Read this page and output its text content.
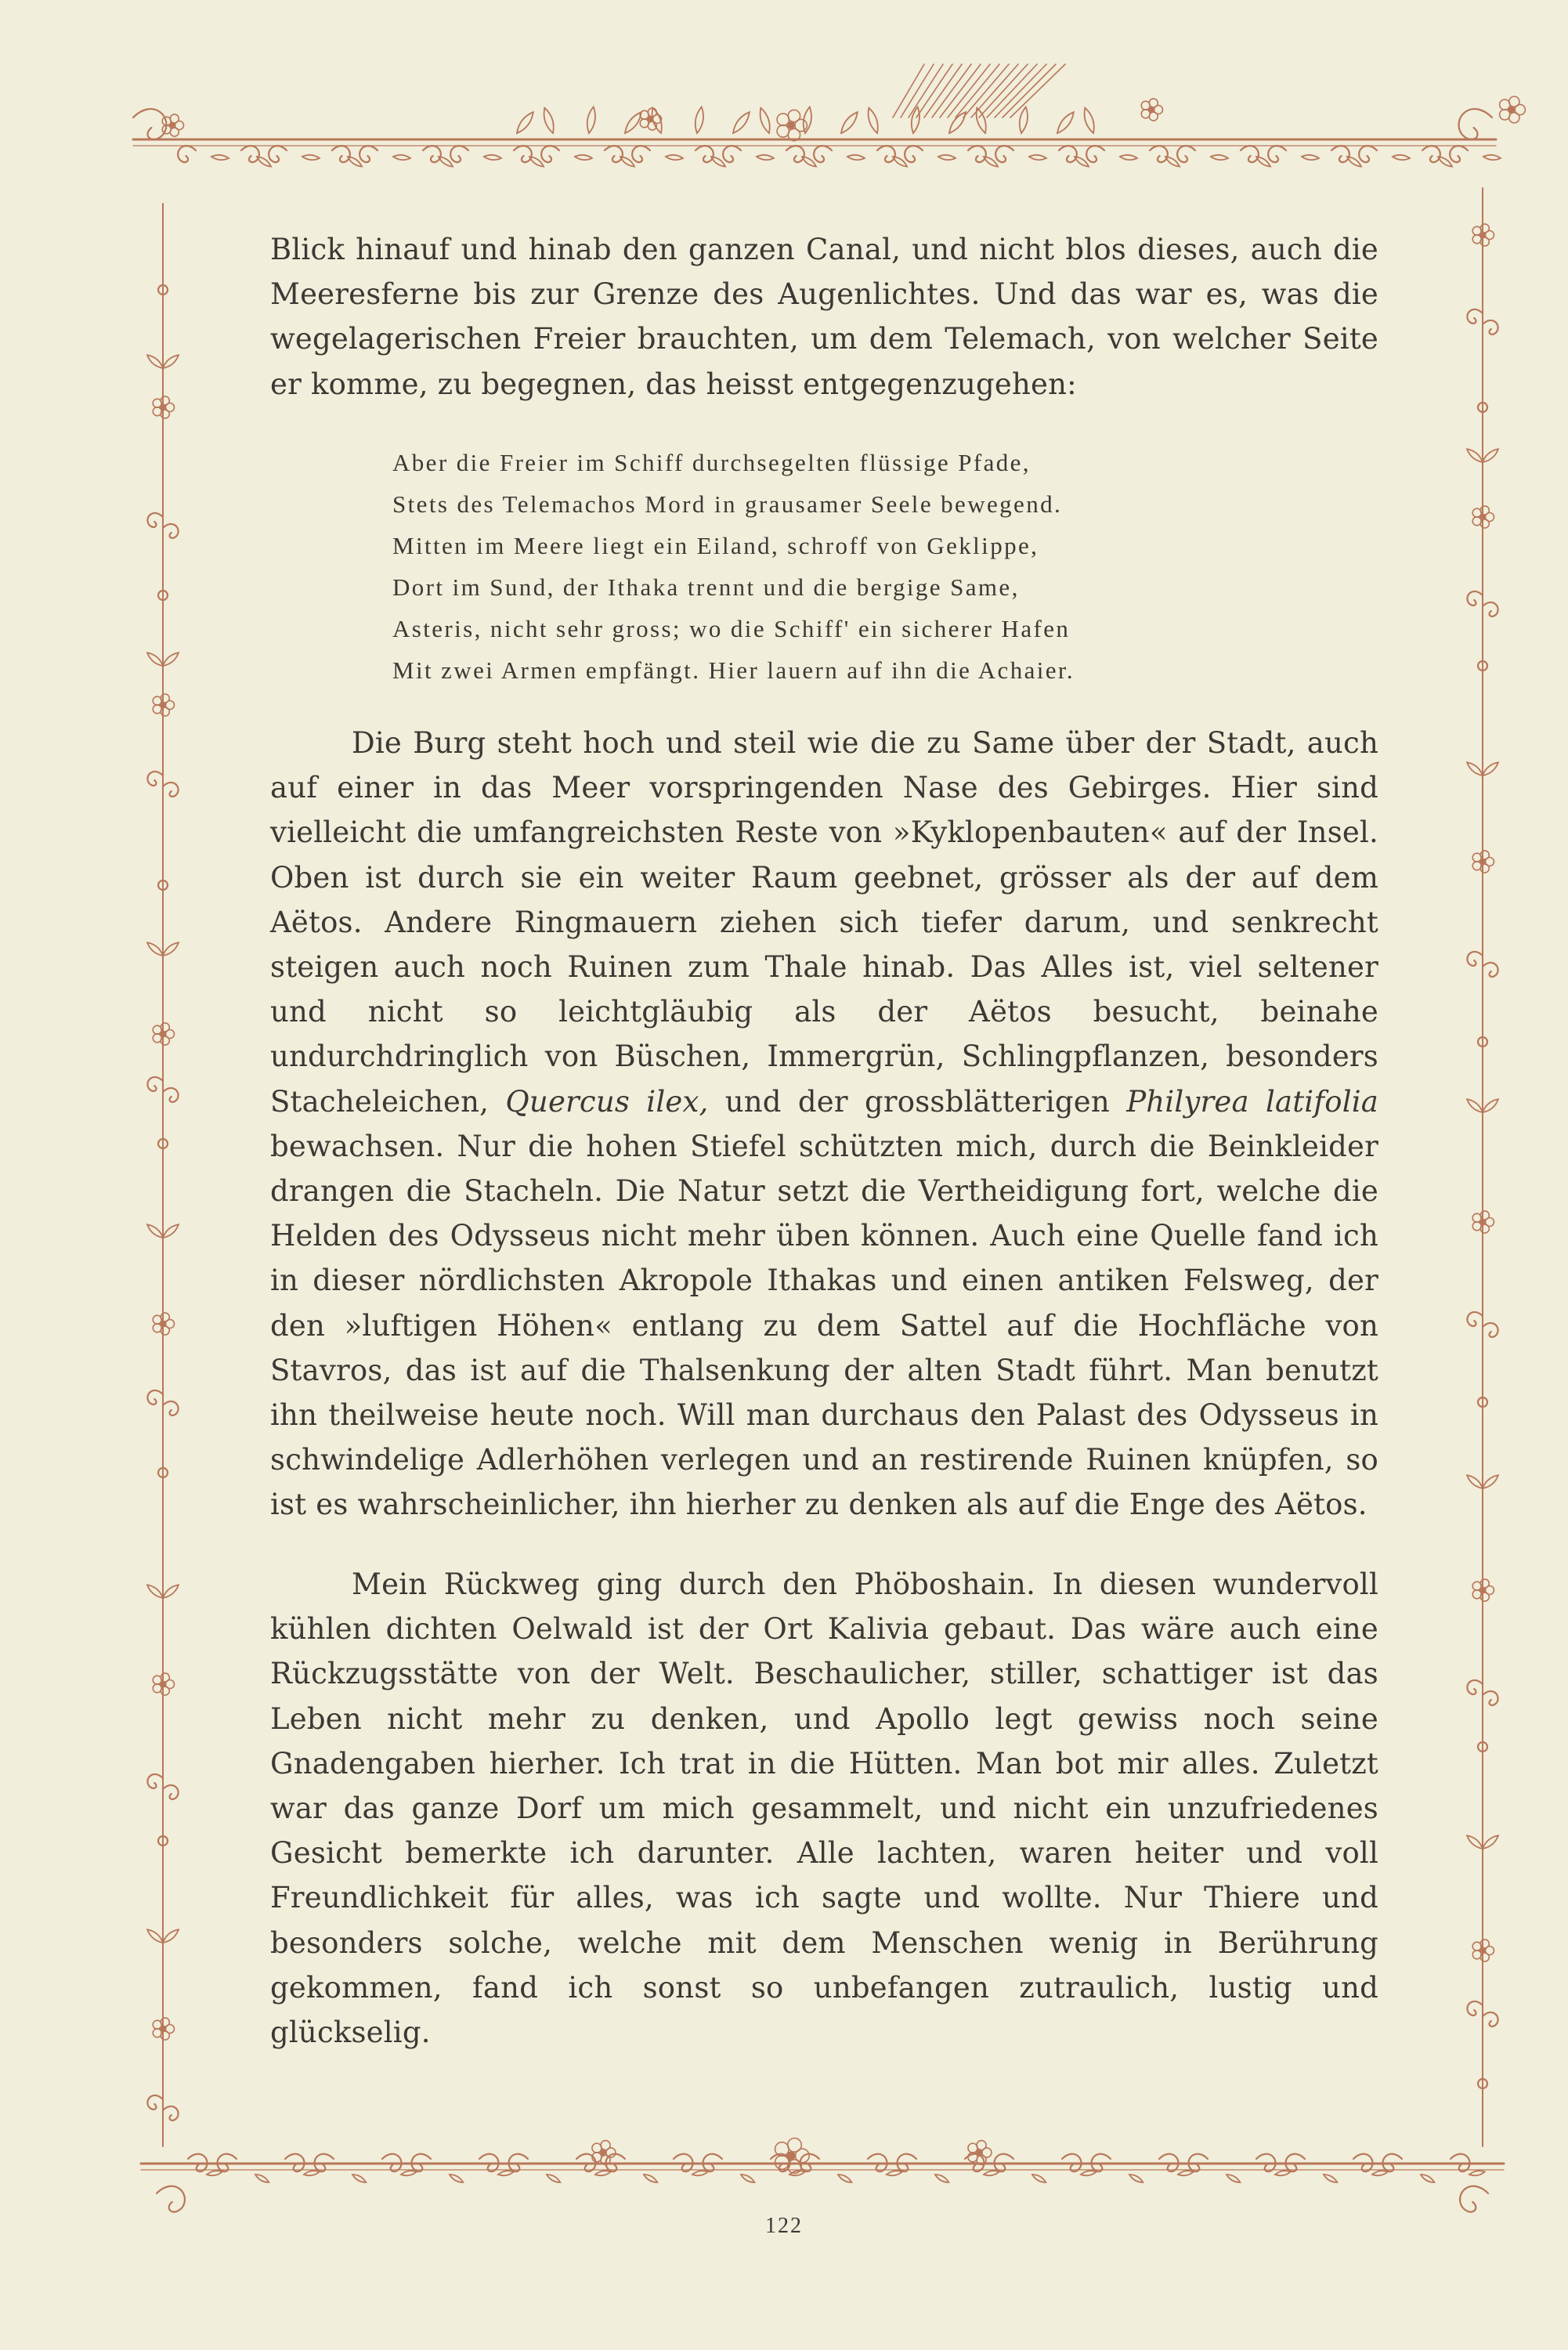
Blick hinauf und hinab den ganzen Canal, und nicht blos dieses, auch die Meeresferne bis zur Grenze des Augenlichtes. Und das war es, was die wegelagerischen Freier brauchten, um dem Telemach, von welcher Seite er komme, zu begegnen, das heisst entgegenzugehen:

Aber die Freier im Schiff durchsegelten flüssige Pfade,
Stets des Telemachos Mord in grausamer Seele bewegend.
Mitten im Meere liegt ein Eiland, schroff von Geklippe,
Dort im Sund, der Ithaka trennt und die bergige Same,
Asteris, nicht sehr gross; wo die Schiff' ein sicherer Hafen
Mit zwei Armen empfängt. Hier lauern auf ihn die Achaier.

Die Burg steht hoch und steil wie die zu Same über der Stadt, auch auf einer in das Meer vorspringenden Nase des Gebirges. Hier sind vielleicht die umfangreichsten Reste von »Kyklopenbauten« auf der Insel. Oben ist durch sie ein weiter Raum geebnet, grösser als der auf dem Aëtos. Andere Ringmauern ziehen sich tiefer darum, und senkrecht steigen auch noch Ruinen zum Thale hinab. Das Alles ist, viel seltener und nicht so leichtgläubig als der Aëtos besucht, beinahe undurchdringlich von Büschen, Immergrün, Schlingpflanzen, besonders Stacheleichen, Quercus ilex, und der grossblätterigen Philyrea latifolia bewachsen. Nur die hohen Stiefel schützten mich, durch die Beinkleider drangen die Stacheln. Die Natur setzt die Vertheidigung fort, welche die Helden des Odysseus nicht mehr üben können. Auch eine Quelle fand ich in dieser nördlichsten Akropole Ithakas und einen antiken Felsweg, der den »luftigen Höhen« entlang zu dem Sattel auf die Hochfläche von Stavros, das ist auf die Thalsenkung der alten Stadt führt. Man benutzt ihn theilweise heute noch. Will man durchaus den Palast des Odysseus in schwindelige Adlerhöhen verlegen und an restirende Ruinen knüpfen, so ist es wahrscheinlicher, ihn hierher zu denken als auf die Enge des Aëtos.

Mein Rückweg ging durch den Phöboshain. In diesen wundervoll kühlen dichten Oelwald ist der Ort Kalivia gebaut. Das wäre auch eine Rückzugsstätte von der Welt. Beschaulicher, stiller, schattiger ist das Leben nicht mehr zu denken, und Apollo legt gewiss noch seine Gnadengaben hierher. Ich trat in die Hütten. Man bot mir alles. Zuletzt war das ganze Dorf um mich gesammelt, und nicht ein unzufriedenes Gesicht bemerkte ich darunter. Alle lachten, waren heiter und voll Freundlichkeit für alles, was ich sagte und wollte. Nur Thiere und besonders solche, welche mit dem Menschen wenig in Berührung gekommen, fand ich sonst so unbefangen zutraulich, lustig und glückselig.

122
